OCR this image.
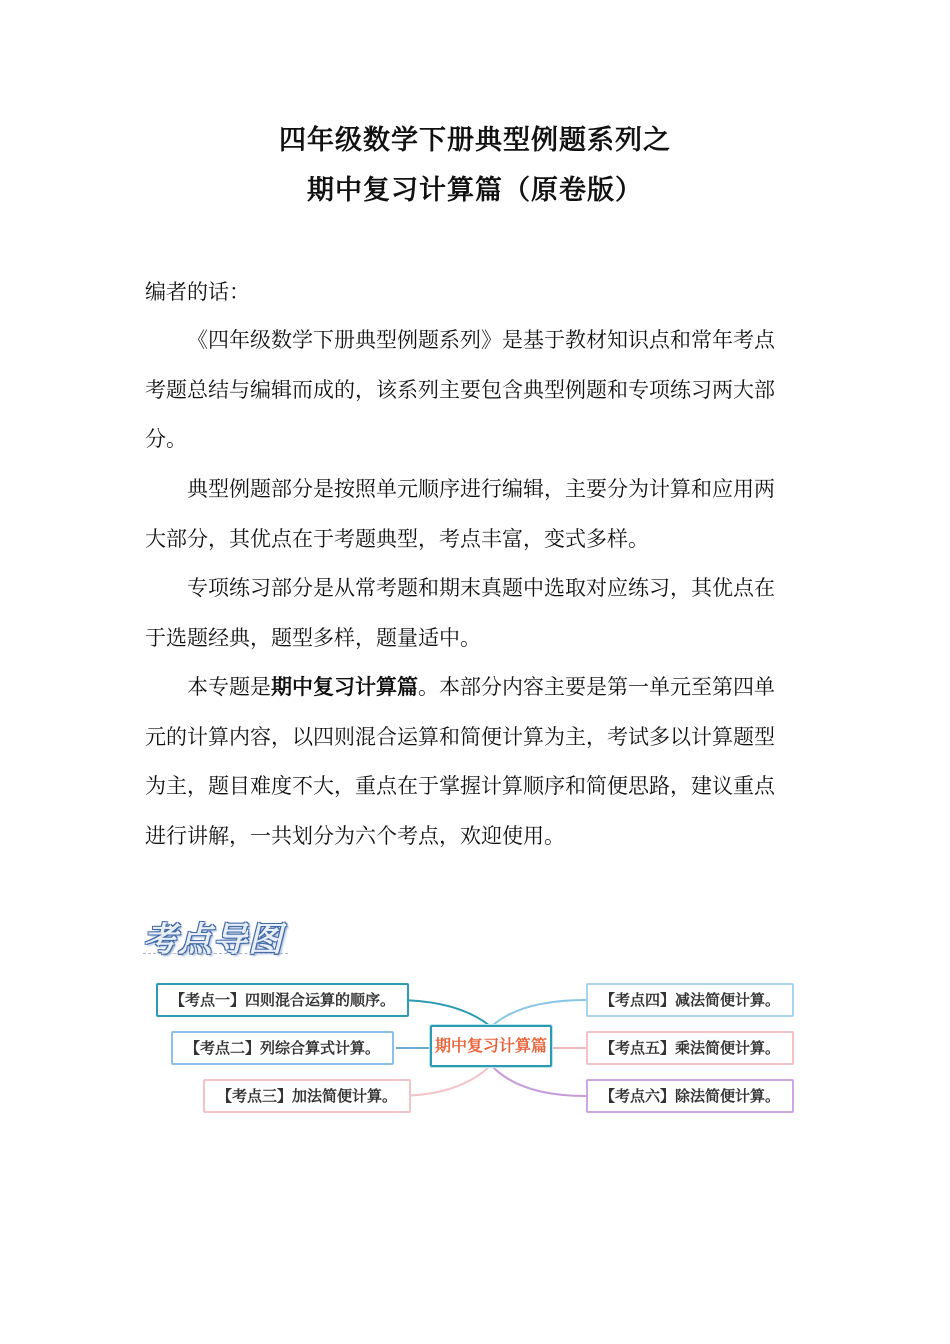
四年级数学下册典型例题系列之
期中复习计算篇（原卷版）
编者的话：
《四年级数学下册典型例题系列》是基于教材知识点和常年考点考题总结与编辑而成的，该系列主要包含典型例题和专项练习两大部分。
典型例题部分是按照单元顺序进行编辑，主要分为计算和应用两大部分，其优点在于考题典型，考点丰富，变式多样。
专项练习部分是从常考题和期末真题中选取对应练习，其优点在于选题经典，题型多样，题量适中。
本专题是期中复习计算篇。本部分内容主要是第一单元至第四单元的计算内容，以四则混合运算和简便计算为主，考试多以计算题型为主，题目难度不大，重点在于掌握计算顺序和简便思路，建议重点进行讲解，一共划分为六个考点，欢迎使用。
考点导图
【考点一】四则混合运算的顺序。
【考点二】列综合算式计算。
【考点三】加法简便计算。
期中复习计算篇
【考点四】减法简便计算。
【考点五】乘法简便计算。
【考点六】除法简便计算。
